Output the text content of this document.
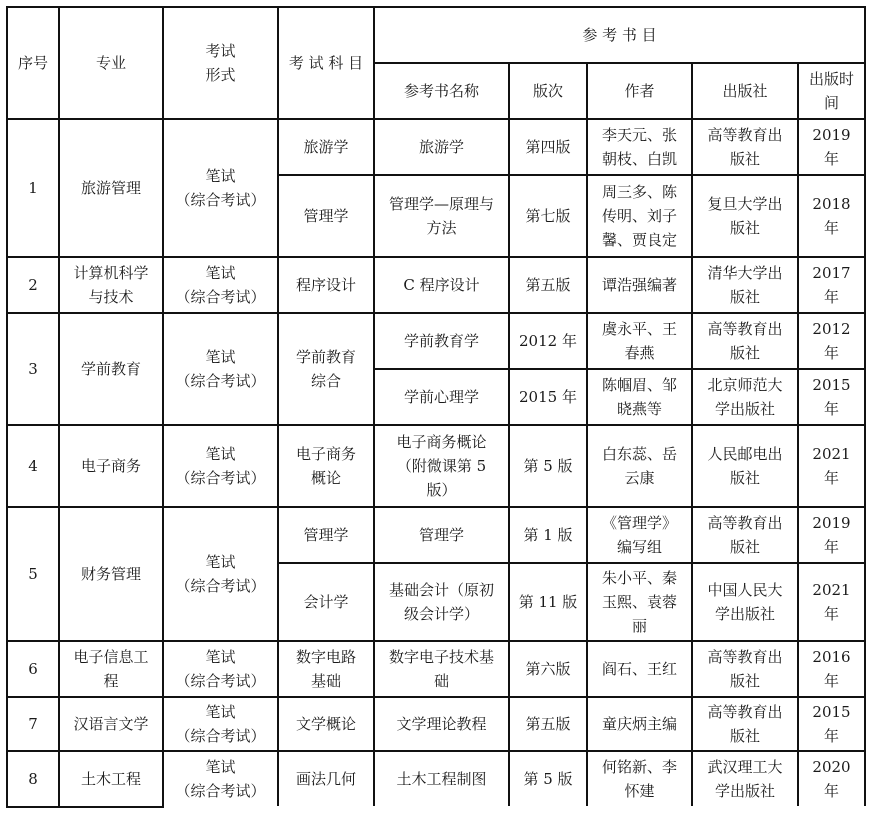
序号	专业	考试
形式	考 试 科 目	参 考 书 目				
				参考书名称	版次	作者	出版社	出版时
间
1	旅游管理	笔试
（综合考试）	旅游学	旅游学	第四版	李天元、张
朝枝、白凯	高等教育出
版社	2019 年
			管理学	管理学—原理与
方法	第七版	周三多、陈
传明、刘子
馨、贾良定	复旦大学出
版社	2018 年
2	计算机科学
与技术	笔试
（综合考试）	程序设计	C 程序设计	第五版	谭浩强编著	清华大学出
版社	2017 年
3	学前教育	笔试
（综合考试）	学前教育
综合	学前教育学	2012 年	虞永平、王
春燕	高等教育出
版社	2012 年
				学前心理学	2015 年	陈帼眉、邹
晓燕等	北京师范大
学出版社	2015 年
4	电子商务	笔试
（综合考试）	电子商务
概论	电子商务概论
（附微课第 5
版）	第 5 版	白东蕊、岳
云康	人民邮电出
版社	2021 年
5	财务管理	笔试
（综合考试）	管理学	管理学	第 1 版	《管理学》
编写组	高等教育出
版社	2019 年
			会计学	基础会计（原初
级会计学）	第 11 版	朱小平、秦
玉熙、袁蓉
丽	中国人民大
学出版社	2021 年
6	电子信息工
程	笔试
（综合考试）	数字电路
基础	数字电子技术基
础	第六版	阎石、王红	高等教育出
版社	2016 年
7	汉语言文学	笔试
（综合考试）	文学概论	文学理论教程	第五版	童庆炳主编	高等教育出
版社	2015 年
8	土木工程	笔试
（综合考试）	画法几何	土木工程制图	第 5 版	何铭新、李
怀建	武汉理工大
学出版社	2020 年
